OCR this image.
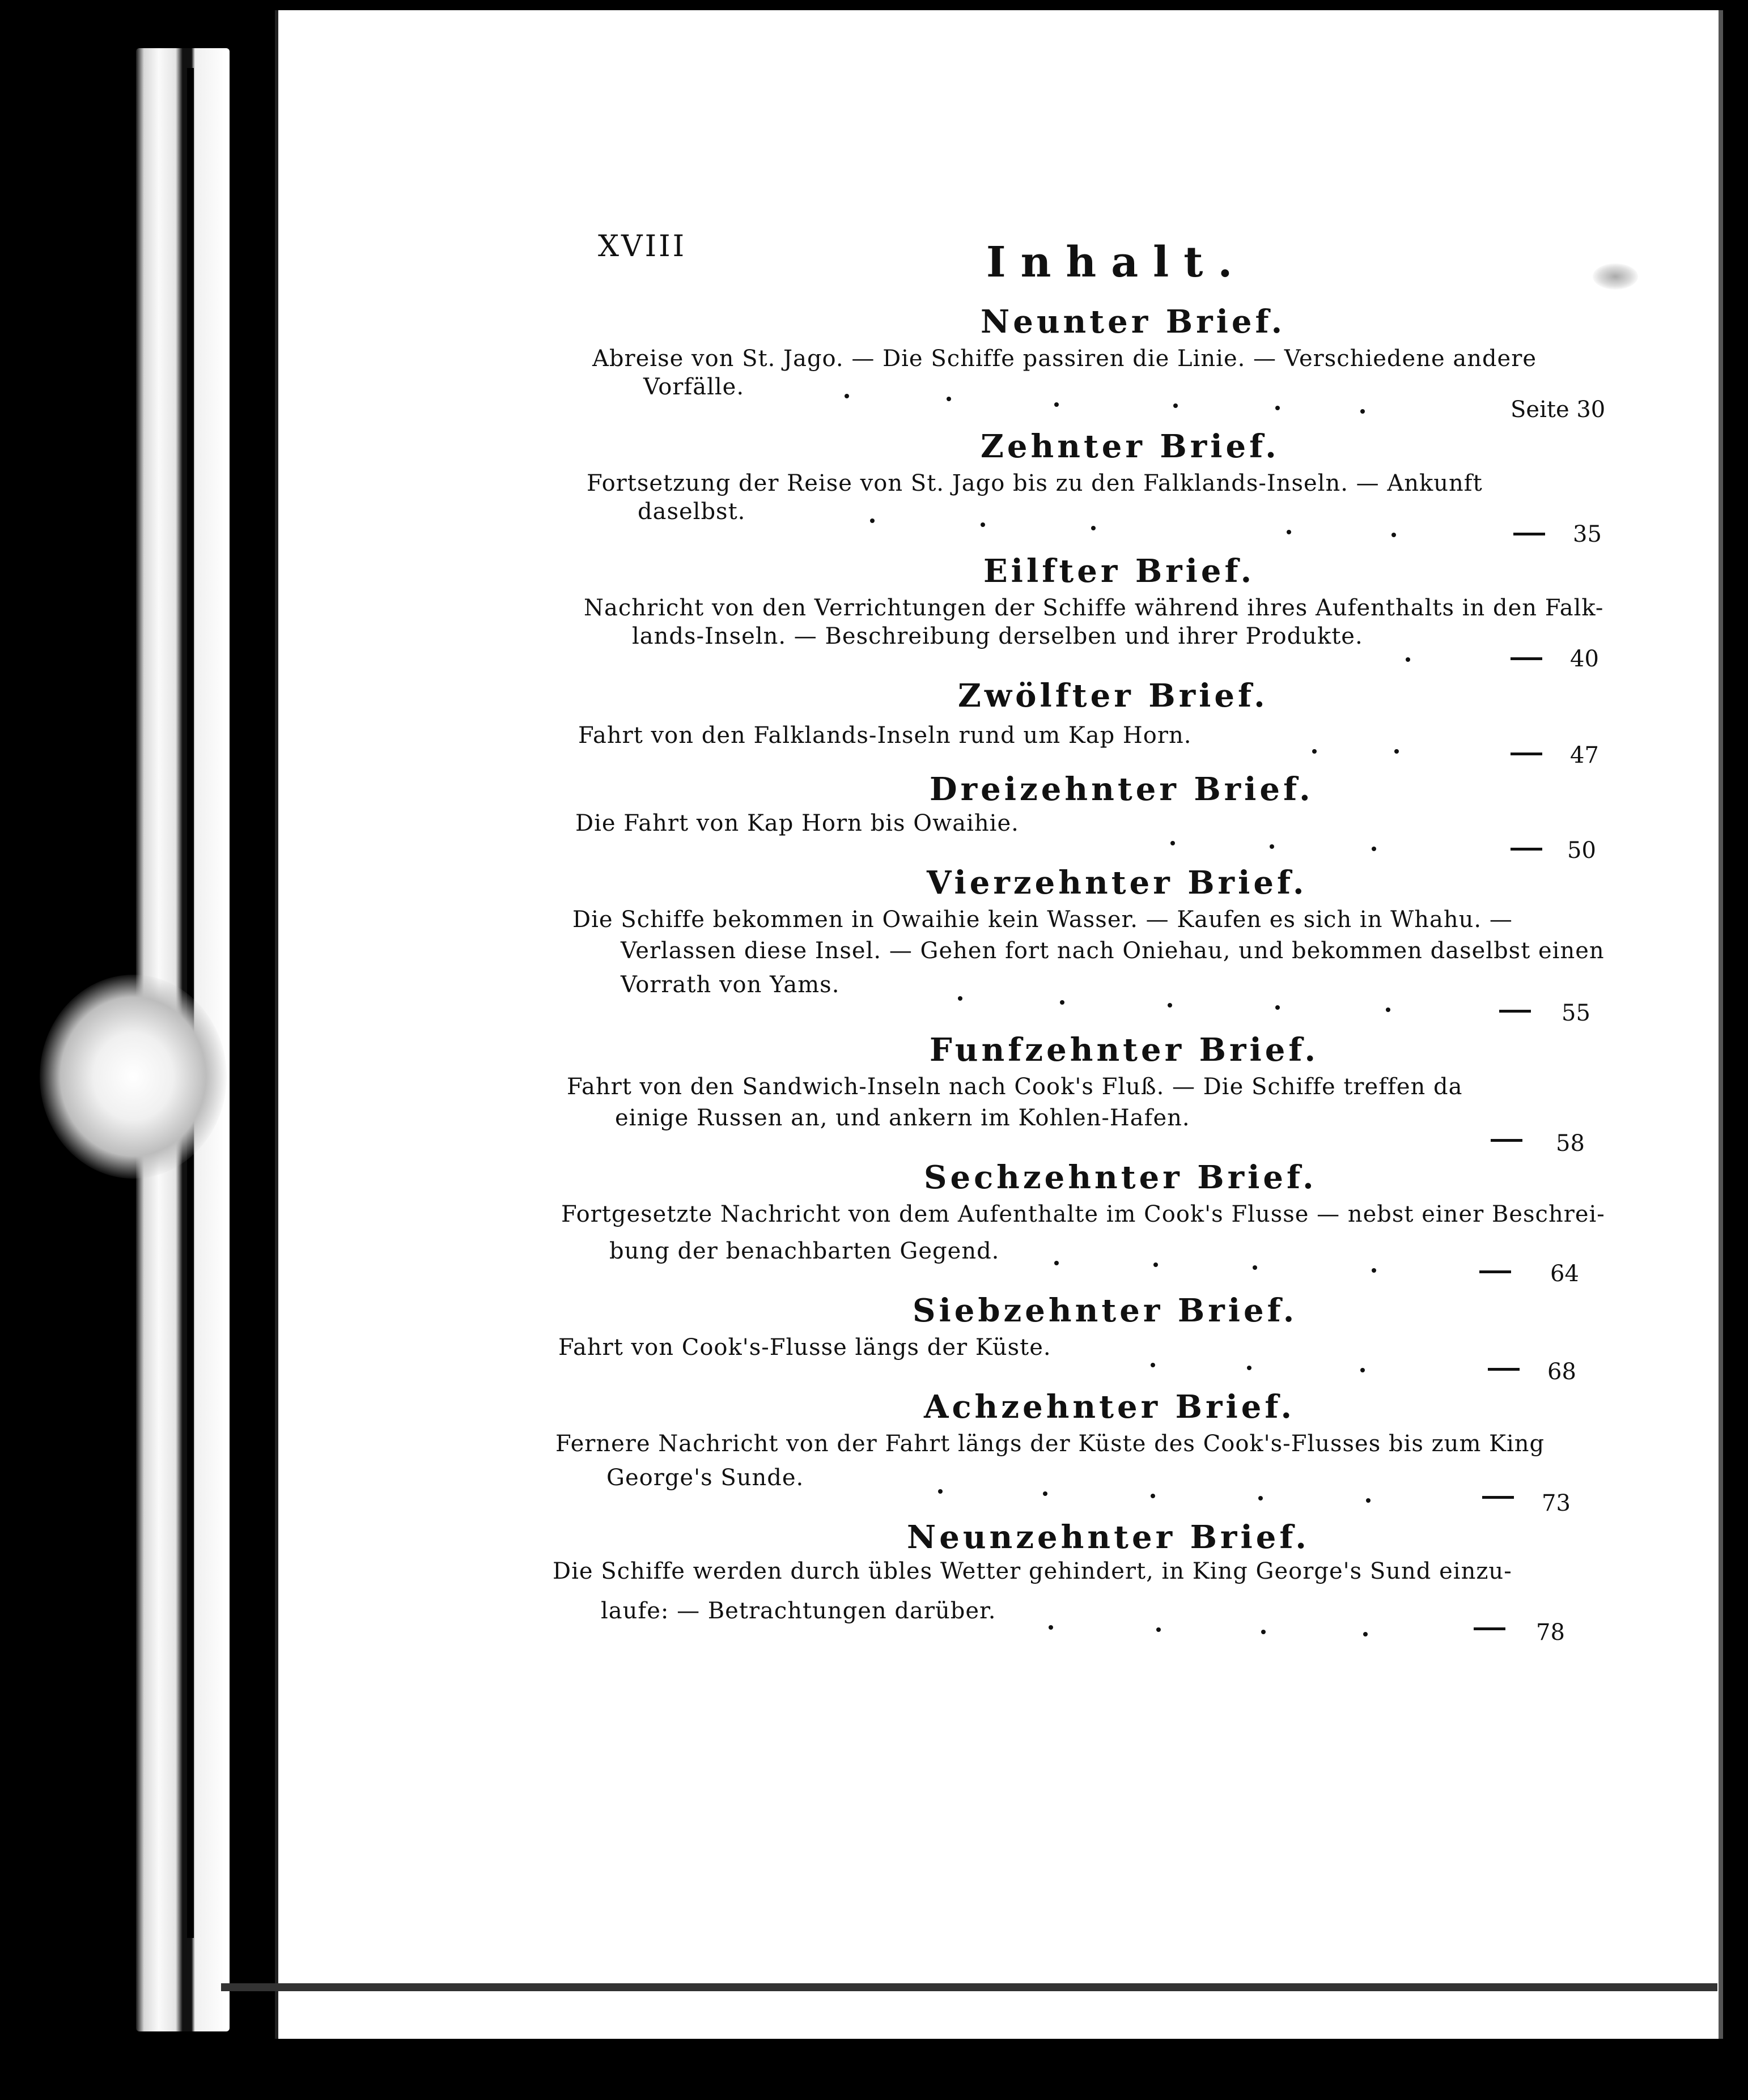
XVIII	Inhalt.
Neunter Brief.
Abreise von St. Jago. — Die Schiffe passiren die Linie. — Verschiedene andere
Vorfälle.
Seite 30
Zehnter Brief.
Fortsetzung der Reise von St. Jago bis zu den Falklands-Inseln. — Ankunft
daselbst.
35
Eilfter Brief.
Nachricht von den Verrichtungen der Schiffe während ihres Aufenthalts in den Falk-
lands-Inseln. — Beschreibung derselben und ihrer Produkte.
40
Zwölfter Brief.
Fahrt von den Falklands-Inseln rund um Kap Horn.
47
Dreizehnter Brief.
Die Fahrt von Kap Horn bis Owaihie.
50
Vierzehnter Brief.
Die Schiffe bekommen in Owaihie kein Wasser. — Kaufen es sich in Whahu. —
Verlassen diese Insel. — Gehen fort nach Oniehau, und bekommen daselbst einen
Vorrath von Yams.
55
Funfzehnter Brief.
Fahrt von den Sandwich-Inseln nach Cook's Fluß. — Die Schiffe treffen da
einige Russen an, und ankern im Kohlen-Hafen.
58
Sechzehnter Brief.
Fortgesetzte Nachricht von dem Aufenthalte im Cook's Flusse — nebst einer Beschrei-
bung der benachbarten Gegend.
64
Siebzehnter Brief.
Fahrt von Cook's-Flusse längs der Küste.
68
Achzehnter Brief.
Fernere Nachricht von der Fahrt längs der Küste des Cook's-Flusses bis zum King
George's Sunde.
73
Neunzehnter Brief.
Die Schiffe werden durch übles Wetter gehindert, in King George's Sund einzu-
laufe: — Betrachtungen darüber.
78
